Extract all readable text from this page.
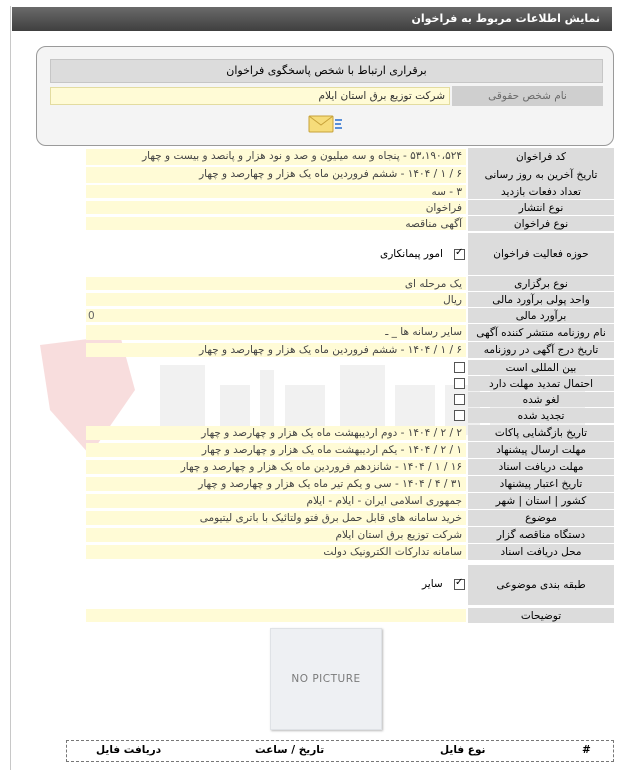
نمایش اطلاعات مربوط به فراخوان
برقراری ارتباط با شخص پاسخگوی فراخوان
نام شخص حقوقی
شرکت توزیع برق استان ایلام
کد فراخوان
۵۳،۱۹۰،۵۲۴ - پنجاه و سه میلیون و صد و نود هزار و پانصد و بیست و چهار
تاریخ آخرین به روز رسانی
۶ / ۱ / ۱۴۰۴ - ششم فروردین ماه یک هزار و چهارصد و چهار
تعداد دفعات بازدید
۳ - سه
نوع انتشار
فراخوان
نوع فراخوان
آگهی مناقصه
حوزه فعالیت فراخوان
نوع برگزاری
یک مرحله ای
واحد پولی برآورد مالی
ریال
برآورد مالی
0
نام روزنامه منتشر کننده آگهی
سایر رسانه ها _ ـ
تاریخ درج آگهی در روزنامه
۶ / ۱ / ۱۴۰۴ - ششم فروردین ماه یک هزار و چهارصد و چهار
بین المللی است
احتمال تمدید مهلت دارد
لغو شده
تجدید شده
تاریخ بازگشایی پاکات
۲ / ۲ / ۱۴۰۴ - دوم اردیبهشت ماه یک هزار و چهارصد و چهار
مهلت ارسال پیشنهاد
۱ / ۲ / ۱۴۰۴ - یکم اردیبهشت ماه یک هزار و چهارصد و چهار
مهلت دریافت اسناد
۱۶ / ۱ / ۱۴۰۴ - شانزدهم فروردین ماه یک هزار و چهارصد و چهار
تاریخ اعتبار پیشنهاد
۳۱ / ۴ / ۱۴۰۴ - سی و یکم تیر ماه یک هزار و چهارصد و چهار
کشور | استان | شهر
جمهوری اسلامی ایران - ایلام - ایلام
موضوع
خرید سامانه های قابل حمل برق فتو ولتائیک با باتری لیتیومی
دستگاه مناقصه گزار
شرکت توزیع برق استان ایلام
محل دریافت اسناد
سامانه تدارکات الکترونیک دولت
طبقه بندی موضوعی
توضیحات
✓
امور پیمانکاری
✓
سایر
NO PICTURE
#
نوع فایل
تاریخ / ساعت
دریافت فایل
